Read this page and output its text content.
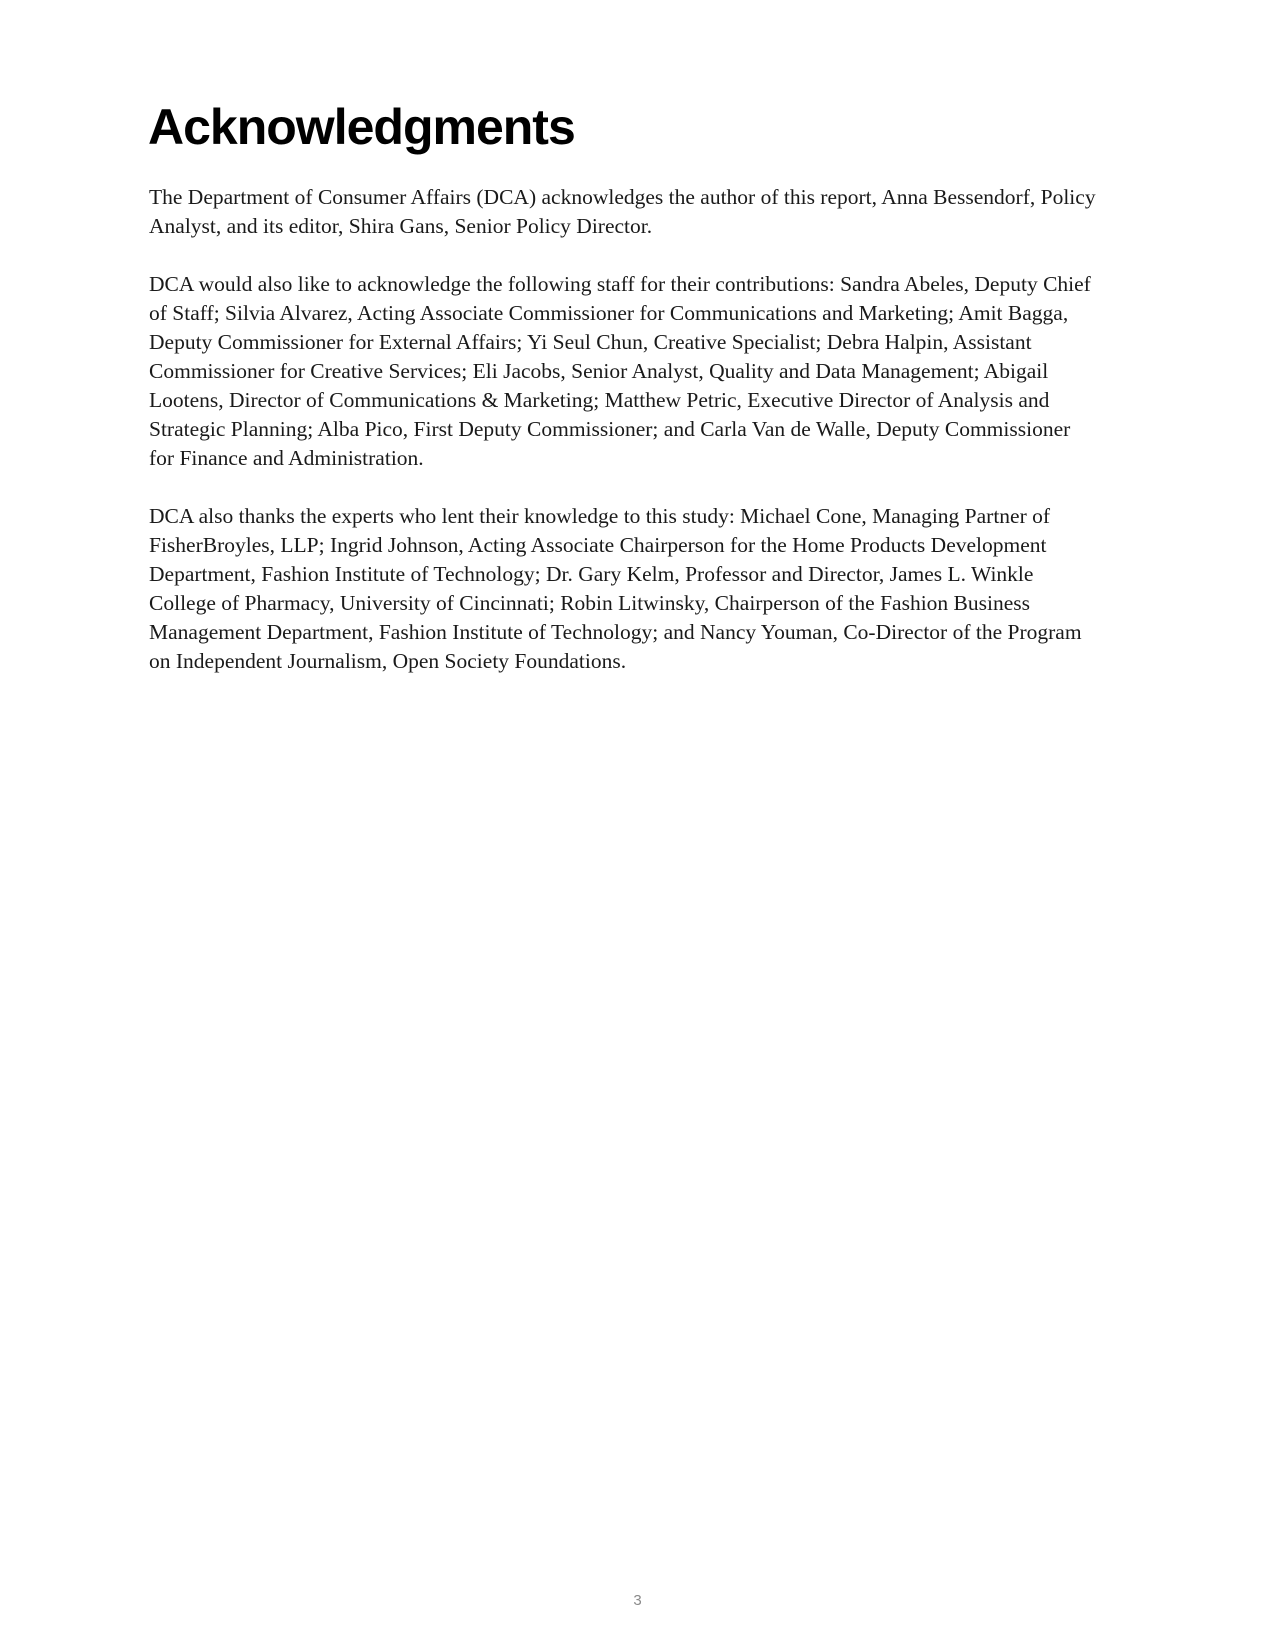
Acknowledgments

The Department of Consumer Affairs (DCA) acknowledges the author of this report, Anna Bessendorf, Policy Analyst, and its editor, Shira Gans, Senior Policy Director.

DCA would also like to acknowledge the following staff for their contributions: Sandra Abeles, Deputy Chief of Staff; Silvia Alvarez, Acting Associate Commissioner for Communications and Marketing; Amit Bagga, Deputy Commissioner for External Affairs; Yi Seul Chun, Creative Specialist; Debra Halpin, Assistant Commissioner for Creative Services; Eli Jacobs, Senior Analyst, Quality and Data Management; Abigail Lootens, Director of Communications & Marketing; Matthew Petric, Executive Director of Analysis and Strategic Planning; Alba Pico, First Deputy Commissioner; and Carla Van de Walle, Deputy Commissioner for Finance and Administration.

DCA also thanks the experts who lent their knowledge to this study: Michael Cone, Managing Partner of FisherBroyles, LLP; Ingrid Johnson, Acting Associate Chairperson for the Home Products Development Department, Fashion Institute of Technology; Dr. Gary Kelm, Professor and Director, James L. Winkle College of Pharmacy, University of Cincinnati; Robin Litwinsky, Chairperson of the Fashion Business Management Department, Fashion Institute of Technology; and Nancy Youman, Co-Director of the Program on Independent Journalism, Open Society Foundations.

3
